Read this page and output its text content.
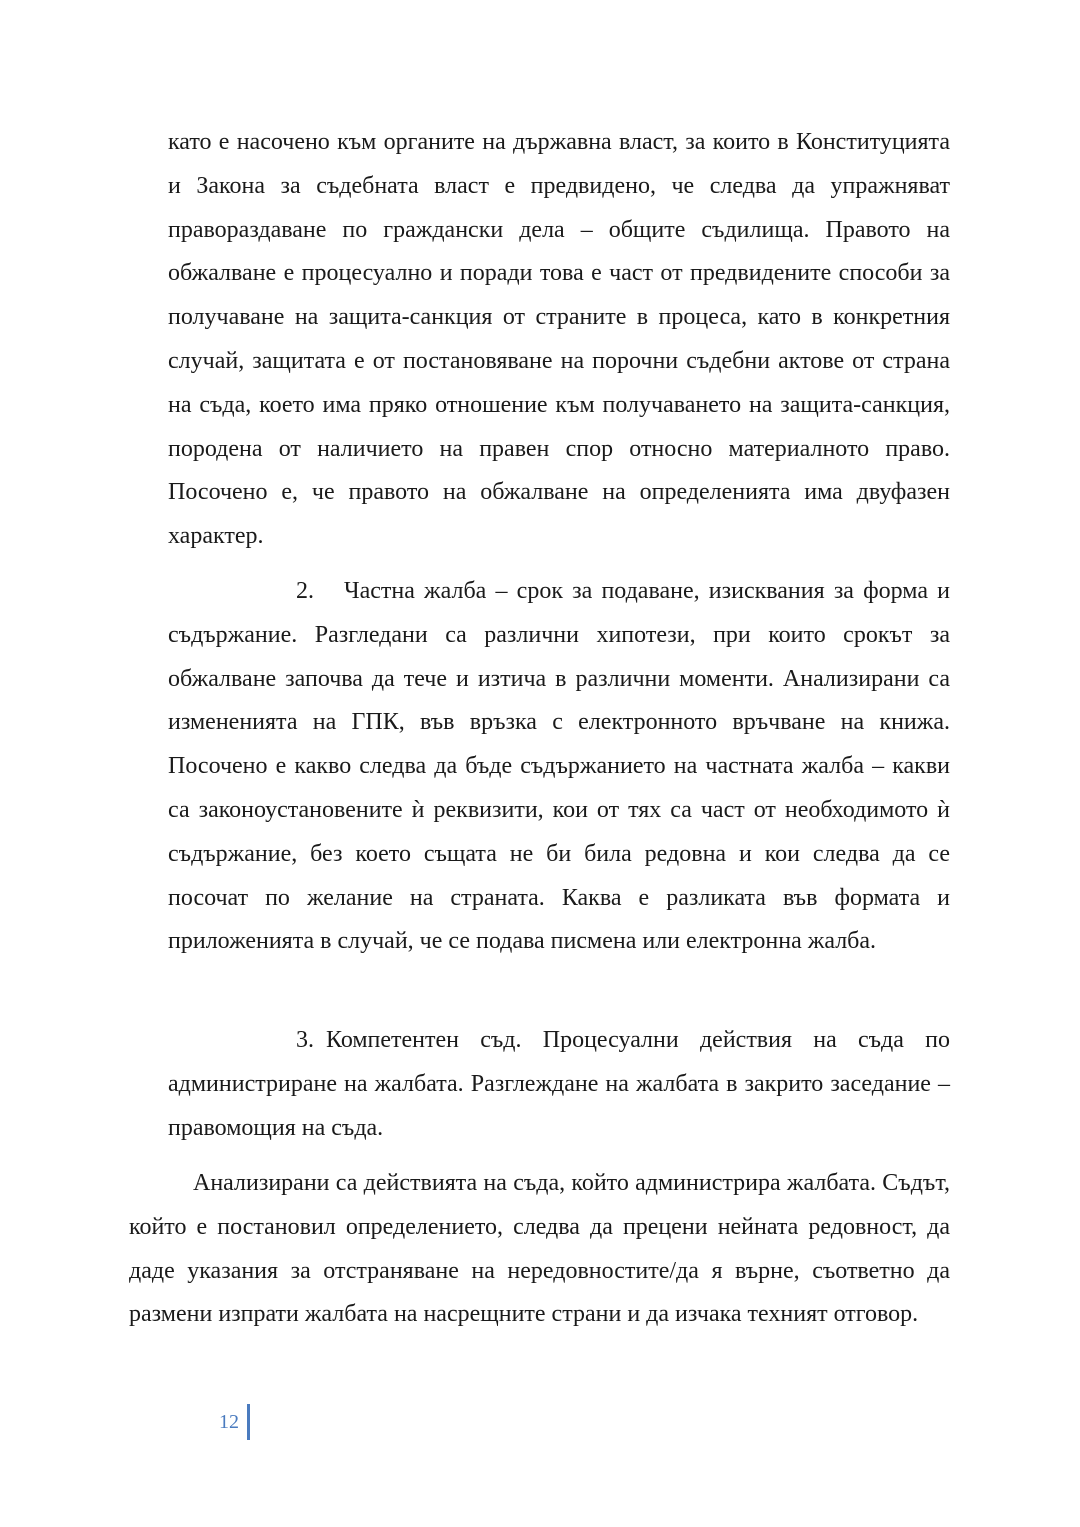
като е насочено към органите на държавна власт, за които в Конституцията и Закона за съдебната власт е предвидено, че следва да упражняват правораздаване по граждански дела – общите съдилища. Правото на обжалване е процесуално и поради това е част от предвидените способи за получаване на защита-санкция от страните в процеса, като в конкретния случай, защитата е от постановяване на порочни съдебни актове от страна на съда, което има пряко отношение към получаването на защита-санкция, породена от наличието на правен спор относно материалното право. Посочено е, че правото на обжалване на определенията има двуфазен характер.

2. Частна жалба – срок за подаване, изисквания за форма и съдържание. Разгледани са различни хипотези, при които срокът за обжалване започва да тече и изтича в различни моменти. Анализирани са измененията на ГПК, във връзка с електронното връчване на книжа. Посочено е какво следва да бъде съдържанието на частната жалба – какви са законоустановените ѝ реквизити, кои от тях са част от необходимото ѝ съдържание, без което същата не би била редовна и кои следва да се посочат по желание на страната. Каква е разликата във формата и приложенията в случай, че се подава писмена или електронна жалба.

3. Компетентен съд. Процесуални действия на съда по администриране на жалбата. Разглеждане на жалбата в закрито заседание – правомощия на съда.

Анализирани са действията на съда, който администрира жалбата. Съдът, който е постановил определението, следва да прецени нейната редовност, да даде указания за отстраняване на нередовностите/да я върне, съответно да размени изпрати жалбата на насрещните страни и да изчака техният отговор.

12
